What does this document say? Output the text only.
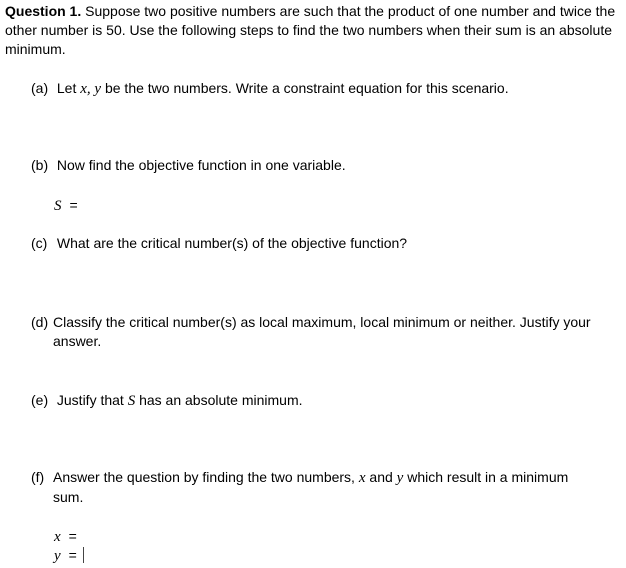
Question 1. Suppose two positive numbers are such that the product of one number and twice the other number is 50. Use the following steps to find the two numbers when their sum is an absolute minimum.
(a) Let x, y be the two numbers. Write a constraint equation for this scenario.
(b) Now find the objective function in one variable.
S =
(c) What are the critical number(s) of the objective function?
(d) Classify the critical number(s) as local maximum, local minimum or neither. Justify your
answer.
(e) Justify that S has an absolute minimum.
(f) Answer the question by finding the two numbers, x and y which result in a minimum
sum.
x =
y =
